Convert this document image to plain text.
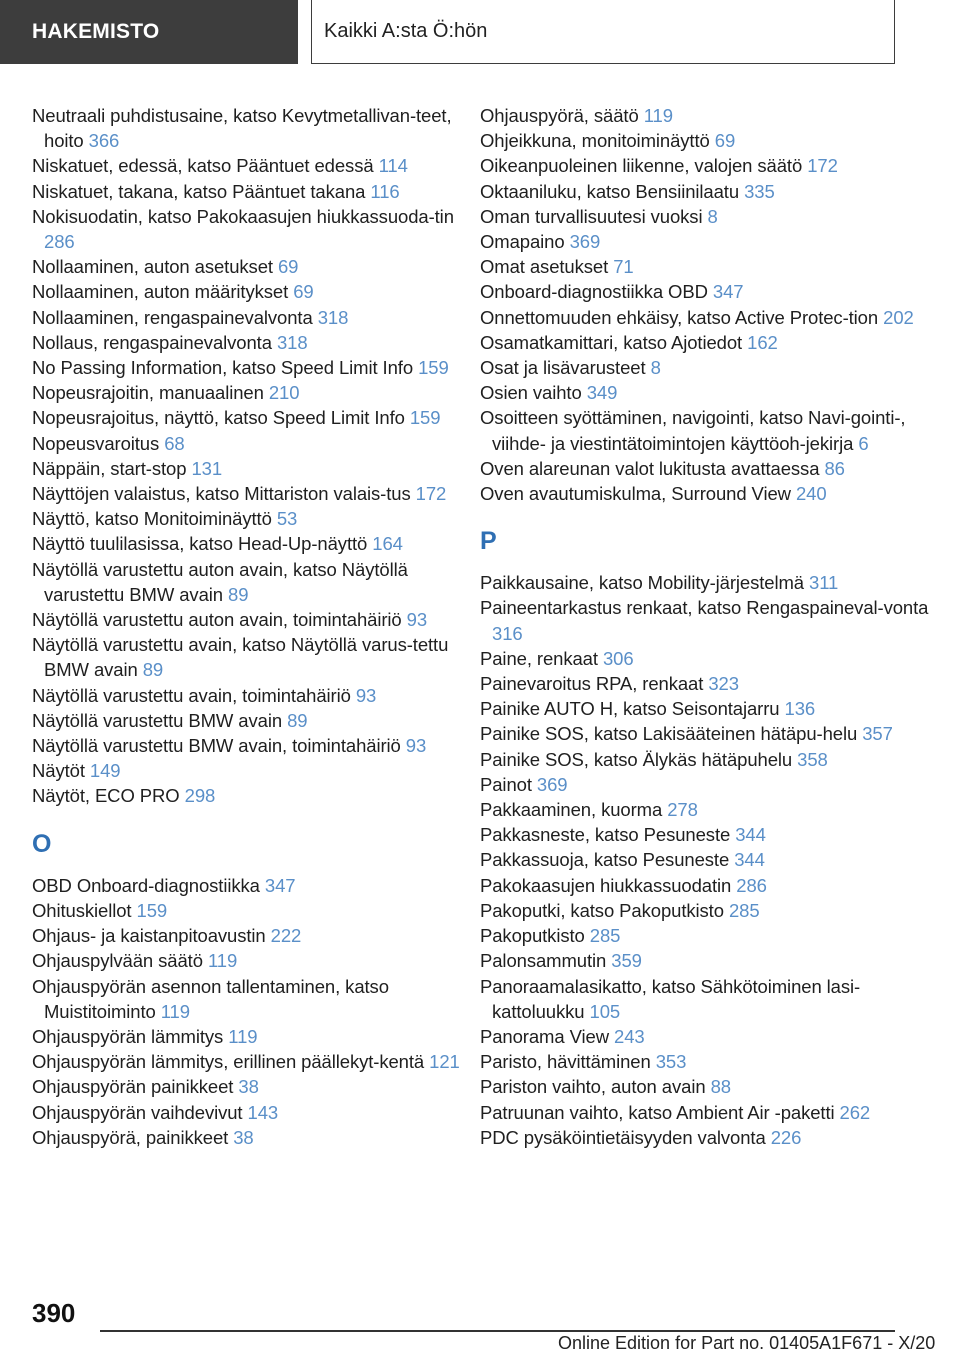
HAKEMISTO	Kaikki A:sta Ö:hön
Neutraali puhdistusaine, katso Kevytmetallivan-teet, hoito 366
Niskatuet, edessä, katso Pääntuet edessä 114
Niskatuet, takana, katso Pääntuet takana 116
Nokisuodatin, katso Pakokaasujen hiukkassuoda-tin 286
Nollaaminen, auton asetukset 69
Nollaaminen, auton määritykset 69
Nollaaminen, rengaspainevalvonta 318
Nollaus, rengaspainevalvonta 318
No Passing Information, katso Speed Limit Info 159
Nopeusrajoitin, manuaalinen 210
Nopeusrajoitus, näyttö, katso Speed Limit Info 159
Nopeusvaroitus 68
Näppäin, start-stop 131
Näyttöjen valaistus, katso Mittariston valais-tus 172
Näyttö, katso Monitoiminäyttö 53
Näyttö tuulilasissa, katso Head-Up-näyttö 164
Näytöllä varustettu auton avain, katso Näytöllä varustettu BMW avain 89
Näytöllä varustettu auton avain, toimintahäiriö 93
Näytöllä varustettu avain, katso Näytöllä varus-tettu BMW avain 89
Näytöllä varustettu avain, toimintahäiriö 93
Näytöllä varustettu BMW avain 89
Näytöllä varustettu BMW avain, toimintahäiriö 93
Näytöt 149
Näytöt, ECO PRO 298
O
OBD Onboard-diagnostiikka 347
Ohituskiellot 159
Ohjaus- ja kaistanpitoavustin 222
Ohjauspylvään säätö 119
Ohjauspyörän asennon tallentaminen, katso Muistitoiminto 119
Ohjauspyörän lämmitys 119
Ohjauspyörän lämmitys, erillinen päällekyt-kentä 121
Ohjauspyörän painikkeet 38
Ohjauspyörän vaihdevivut 143
Ohjauspyörä, painikkeet 38
Ohjauspyörä, säätö 119
Ohjeikkuna, monitoiminäyttö 69
Oikeanpuoleinen liikenne, valojen säätö 172
Oktaaniluku, katso Bensiinilaatu 335
Oman turvallisuutesi vuoksi 8
Omapaino 369
Omat asetukset 71
Onboard-diagnostiikka OBD 347
Onnettomuuden ehkäisy, katso Active Protec-tion 202
Osamatkamittari, katso Ajotiedot 162
Osat ja lisävarusteet 8
Osien vaihto 349
Osoitteen syöttäminen, navigointi, katso Navi-gointi-, viihde- ja viestintätoimintojen käyttöoh-jekirja 6
Oven alareunan valot lukitusta avattaessa 86
Oven avautumiskulma, Surround View 240
P
Paikkausaine, katso Mobility-järjestelmä 311
Paineentarkastus renkaat, katso Rengaspaineval-vonta 316
Paine, renkaat 306
Painevaroitus RPA, renkaat 323
Painike AUTO H, katso Seisontajarru 136
Painike SOS, katso Lakisääteinen hätäpu-helu 357
Painike SOS, katso Älykäs hätäpuhelu 358
Painot 369
Pakkaaminen, kuorma 278
Pakkasneste, katso Pesuneste 344
Pakkassuoja, katso Pesuneste 344
Pakokaasujen hiukkassuodatin 286
Pakoputki, katso Pakoputkisto 285
Pakoputkisto 285
Palonsammutin 359
Panoraamalasikatto, katso Sähkötoiminen lasi-kattoluukku 105
Panorama View 243
Paristo, hävittäminen 353
Pariston vaihto, auton avain 88
Patruunan vaihto, katso Ambient Air -paketti 262
PDC pysäköintietäisyyden valvonta 226
390
Online Edition for Part no. 01405A1F671 - X/20
